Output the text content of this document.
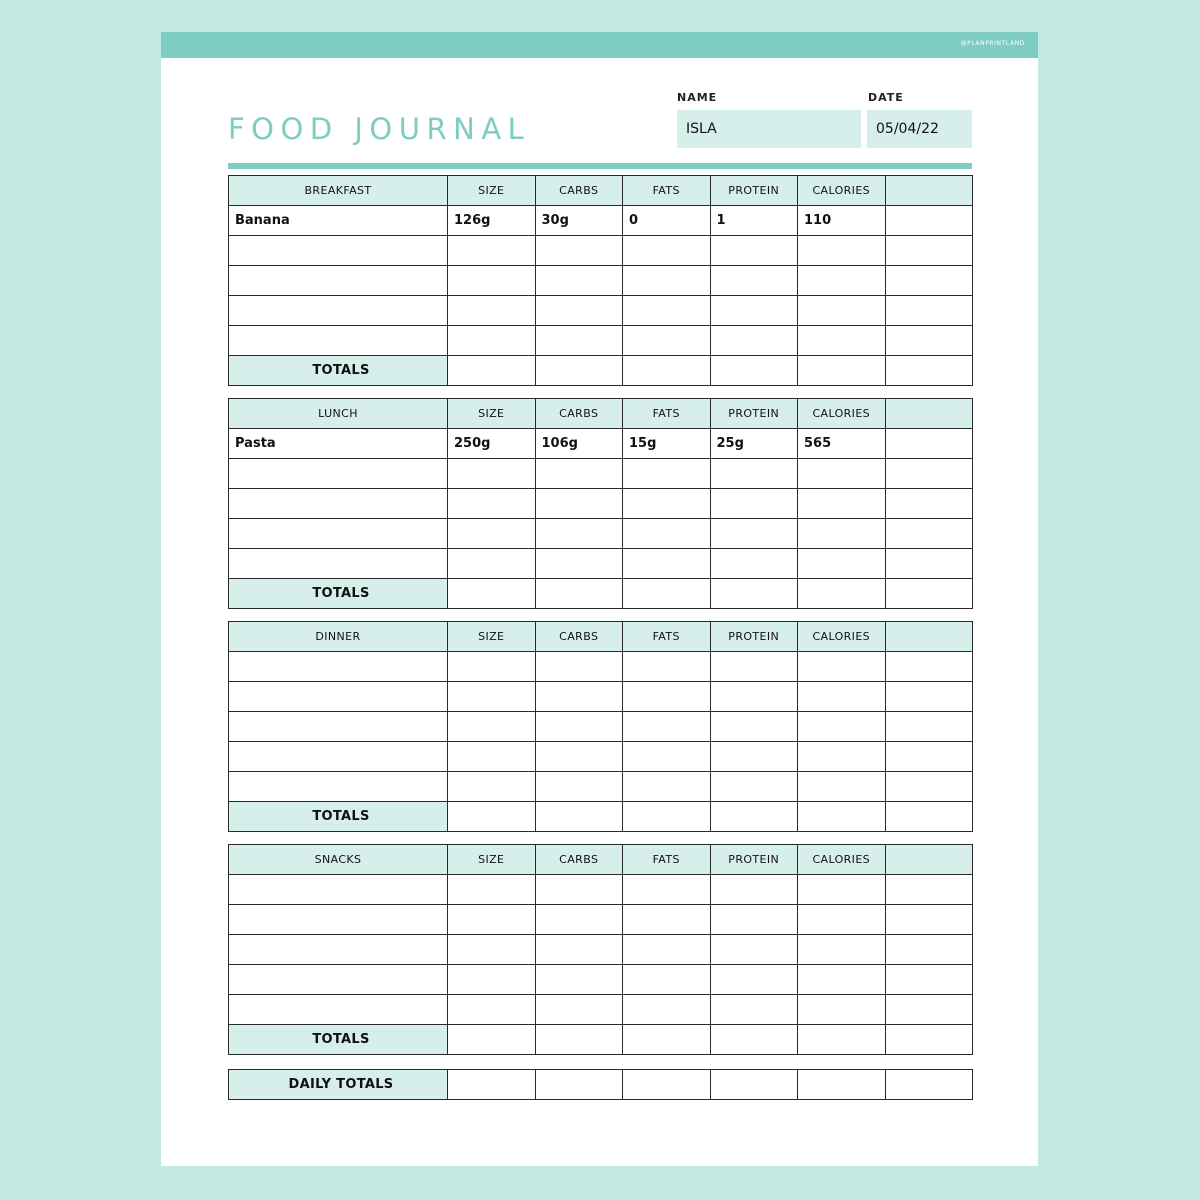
@PLANPRINTLAND
FOOD JOURNAL
NAME
ISLA
DATE
05/04/22
BREAKFAST	SIZE	CARBS	FATS	PROTEIN	CALORIES	
Banana	126g	30g	0	1	110	

TOTALS						
LUNCH	SIZE	CARBS	FATS	PROTEIN	CALORIES	
Pasta	250g	106g	15g	25g	565	

TOTALS						
DINNER	SIZE	CARBS	FATS	PROTEIN	CALORIES	

TOTALS						
SNACKS	SIZE	CARBS	FATS	PROTEIN	CALORIES	

TOTALS						
DAILY TOTALS						
